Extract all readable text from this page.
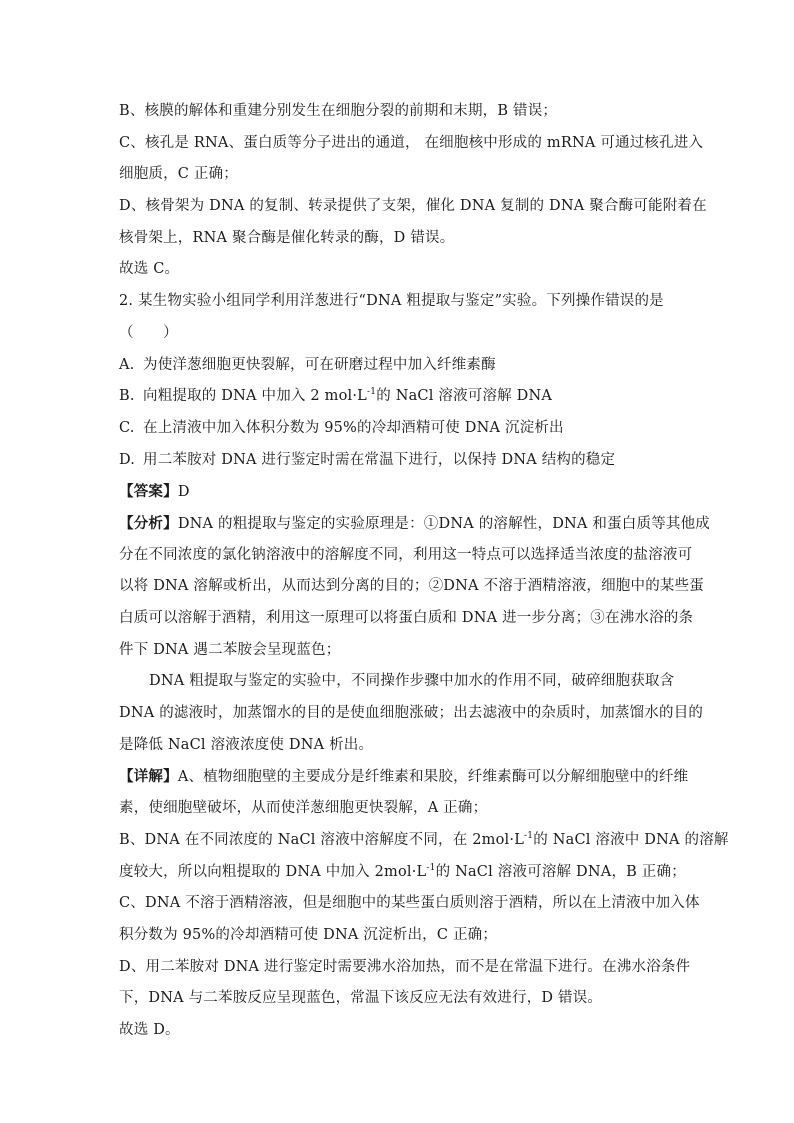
B、核膜的解体和重建分别发生在细胞分裂的前期和末期，B 错误；
C、核孔是 RNA、蛋白质等分子进出的通道， 在细胞核中形成的 mRNA 可通过核孔进入
细胞质，C 正确；
D、核骨架为 DNA 的复制、转录提供了支架，催化 DNA 复制的 DNA 聚合酶可能附着在
核骨架上，RNA 聚合酶是催化转录的酶，D 错误。
故选 C。
2. 某生物实验小组同学利用洋葱进行“DNA 粗提取与鉴定”实验。下列操作错误的是
（　　）
A. 为使洋葱细胞更快裂解，可在研磨过程中加入纤维素酶
B. 向粗提取的 DNA 中加入 2 $mol\cdot L^{-1}$的 NaCl 溶液可溶解 DNA
C. 在上清液中加入体积分数为 95%的冷却酒精可使 DNA 沉淀析出
D. 用二苯胺对 DNA 进行鉴定时需在常温下进行，以保持 DNA 结构的稳定
【答案】D
【分析】DNA 的粗提取与鉴定的实验原理是：①DNA 的溶解性，DNA 和蛋白质等其他成
分在不同浓度的氯化钠溶液中的溶解度不同，利用这一特点可以选择适当浓度的盐溶液可
以将 DNA 溶解或析出，从而达到分离的目的；②DNA 不溶于酒精溶液，细胞中的某些蛋
白质可以溶解于酒精，利用这一原理可以将蛋白质和 DNA 进一步分离；③在沸水浴的条
件下 DNA 遇二苯胺会呈现蓝色；
DNA 粗提取与鉴定的实验中，不同操作步骤中加水的作用不同，破碎细胞获取含
DNA 的滤液时，加蒸馏水的目的是使血细胞涨破；出去滤液中的杂质时，加蒸馏水的目的
是降低 NaCl 溶液浓度使 DNA 析出。
【详解】A、植物细胞壁的主要成分是纤维素和果胶，纤维素酶可以分解细胞壁中的纤维
素，使细胞壁破坏，从而使洋葱细胞更快裂解，A 正确；
B、DNA 在不同浓度的 NaCl 溶液中溶解度不同，在 $2mol\cdot L^{-1}$的 NaCl 溶液中 DNA 的溶解
度较大，所以向粗提取的 DNA 中加入 $2mol\cdot L^{-1}$的 NaCl 溶液可溶解 DNA，B 正确；
C、DNA 不溶于酒精溶液，但是细胞中的某些蛋白质则溶于酒精，所以在上清液中加入体
积分数为 95%的冷却酒精可使 DNA 沉淀析出，C 正确；
D、用二苯胺对 DNA 进行鉴定时需要沸水浴加热，而不是在常温下进行。在沸水浴条件
下，DNA 与二苯胺反应呈现蓝色，常温下该反应无法有效进行，D 错误。
故选 D。
